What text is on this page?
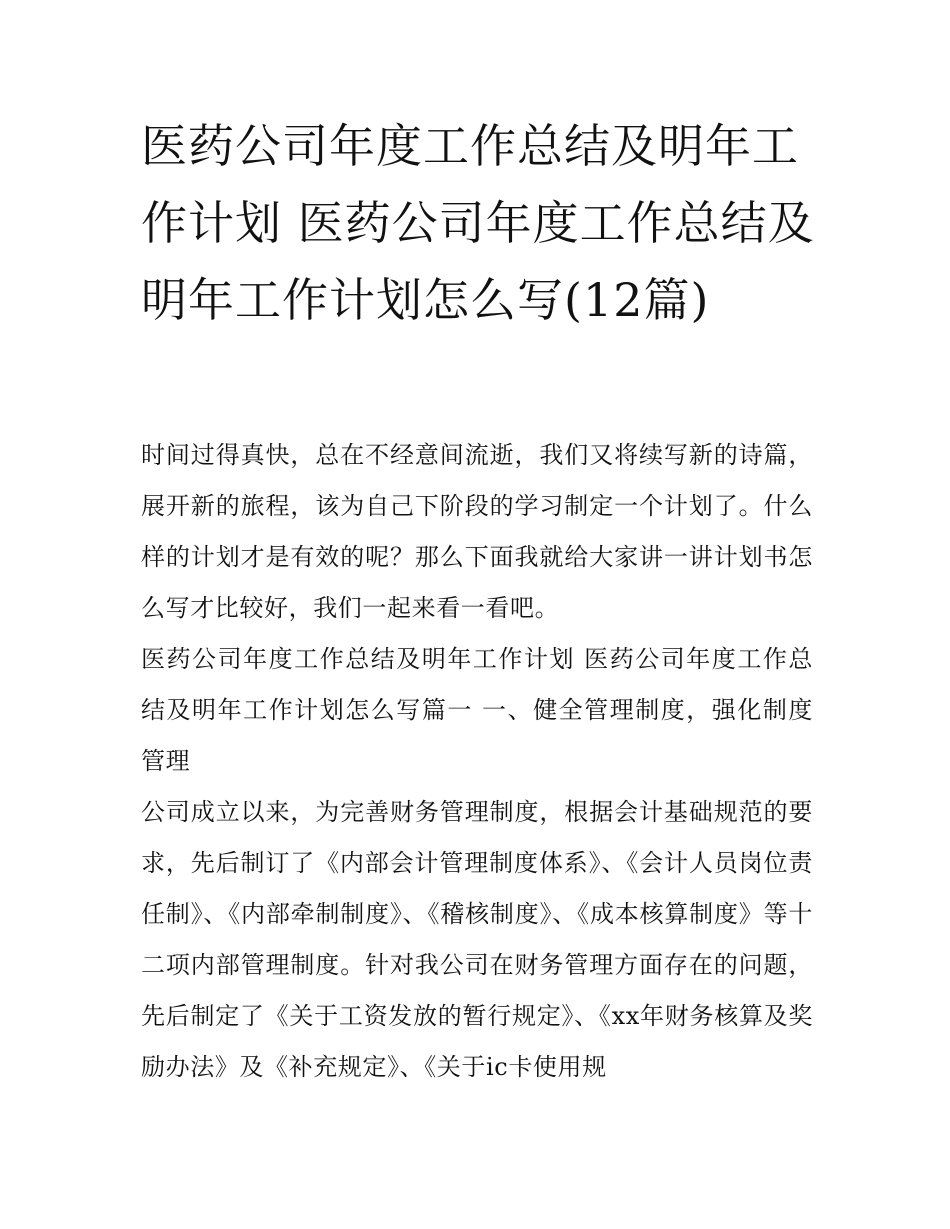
医药公司年度工作总结及明年工作计划 医药公司年度工作总结及明年工作计划怎么写(12篇)

时间过得真快，总在不经意间流逝，我们又将续写新的诗篇，展开新的旅程，该为自己下阶段的学习制定一个计划了。什么样的计划才是有效的呢？那么下面我就给大家讲一讲计划书怎么写才比较好，我们一起来看一看吧。

医药公司年度工作总结及明年工作计划 医药公司年度工作总结及明年工作计划怎么写篇一 一、健全管理制度，强化制度管理

公司成立以来，为完善财务管理制度，根据会计基础规范的要求，先后制订了《内部会计管理制度体系》、《会计人员岗位责任制》、《内部牵制制度》、《稽核制度》、《成本核算制度》等十二项内部管理制度。针对我公司在财务管理方面存在的问题，先后制定了《关于工资发放的暂行规定》、《xx年财务核算及奖励办法》及《补充规定》、《关于ic卡使用规
